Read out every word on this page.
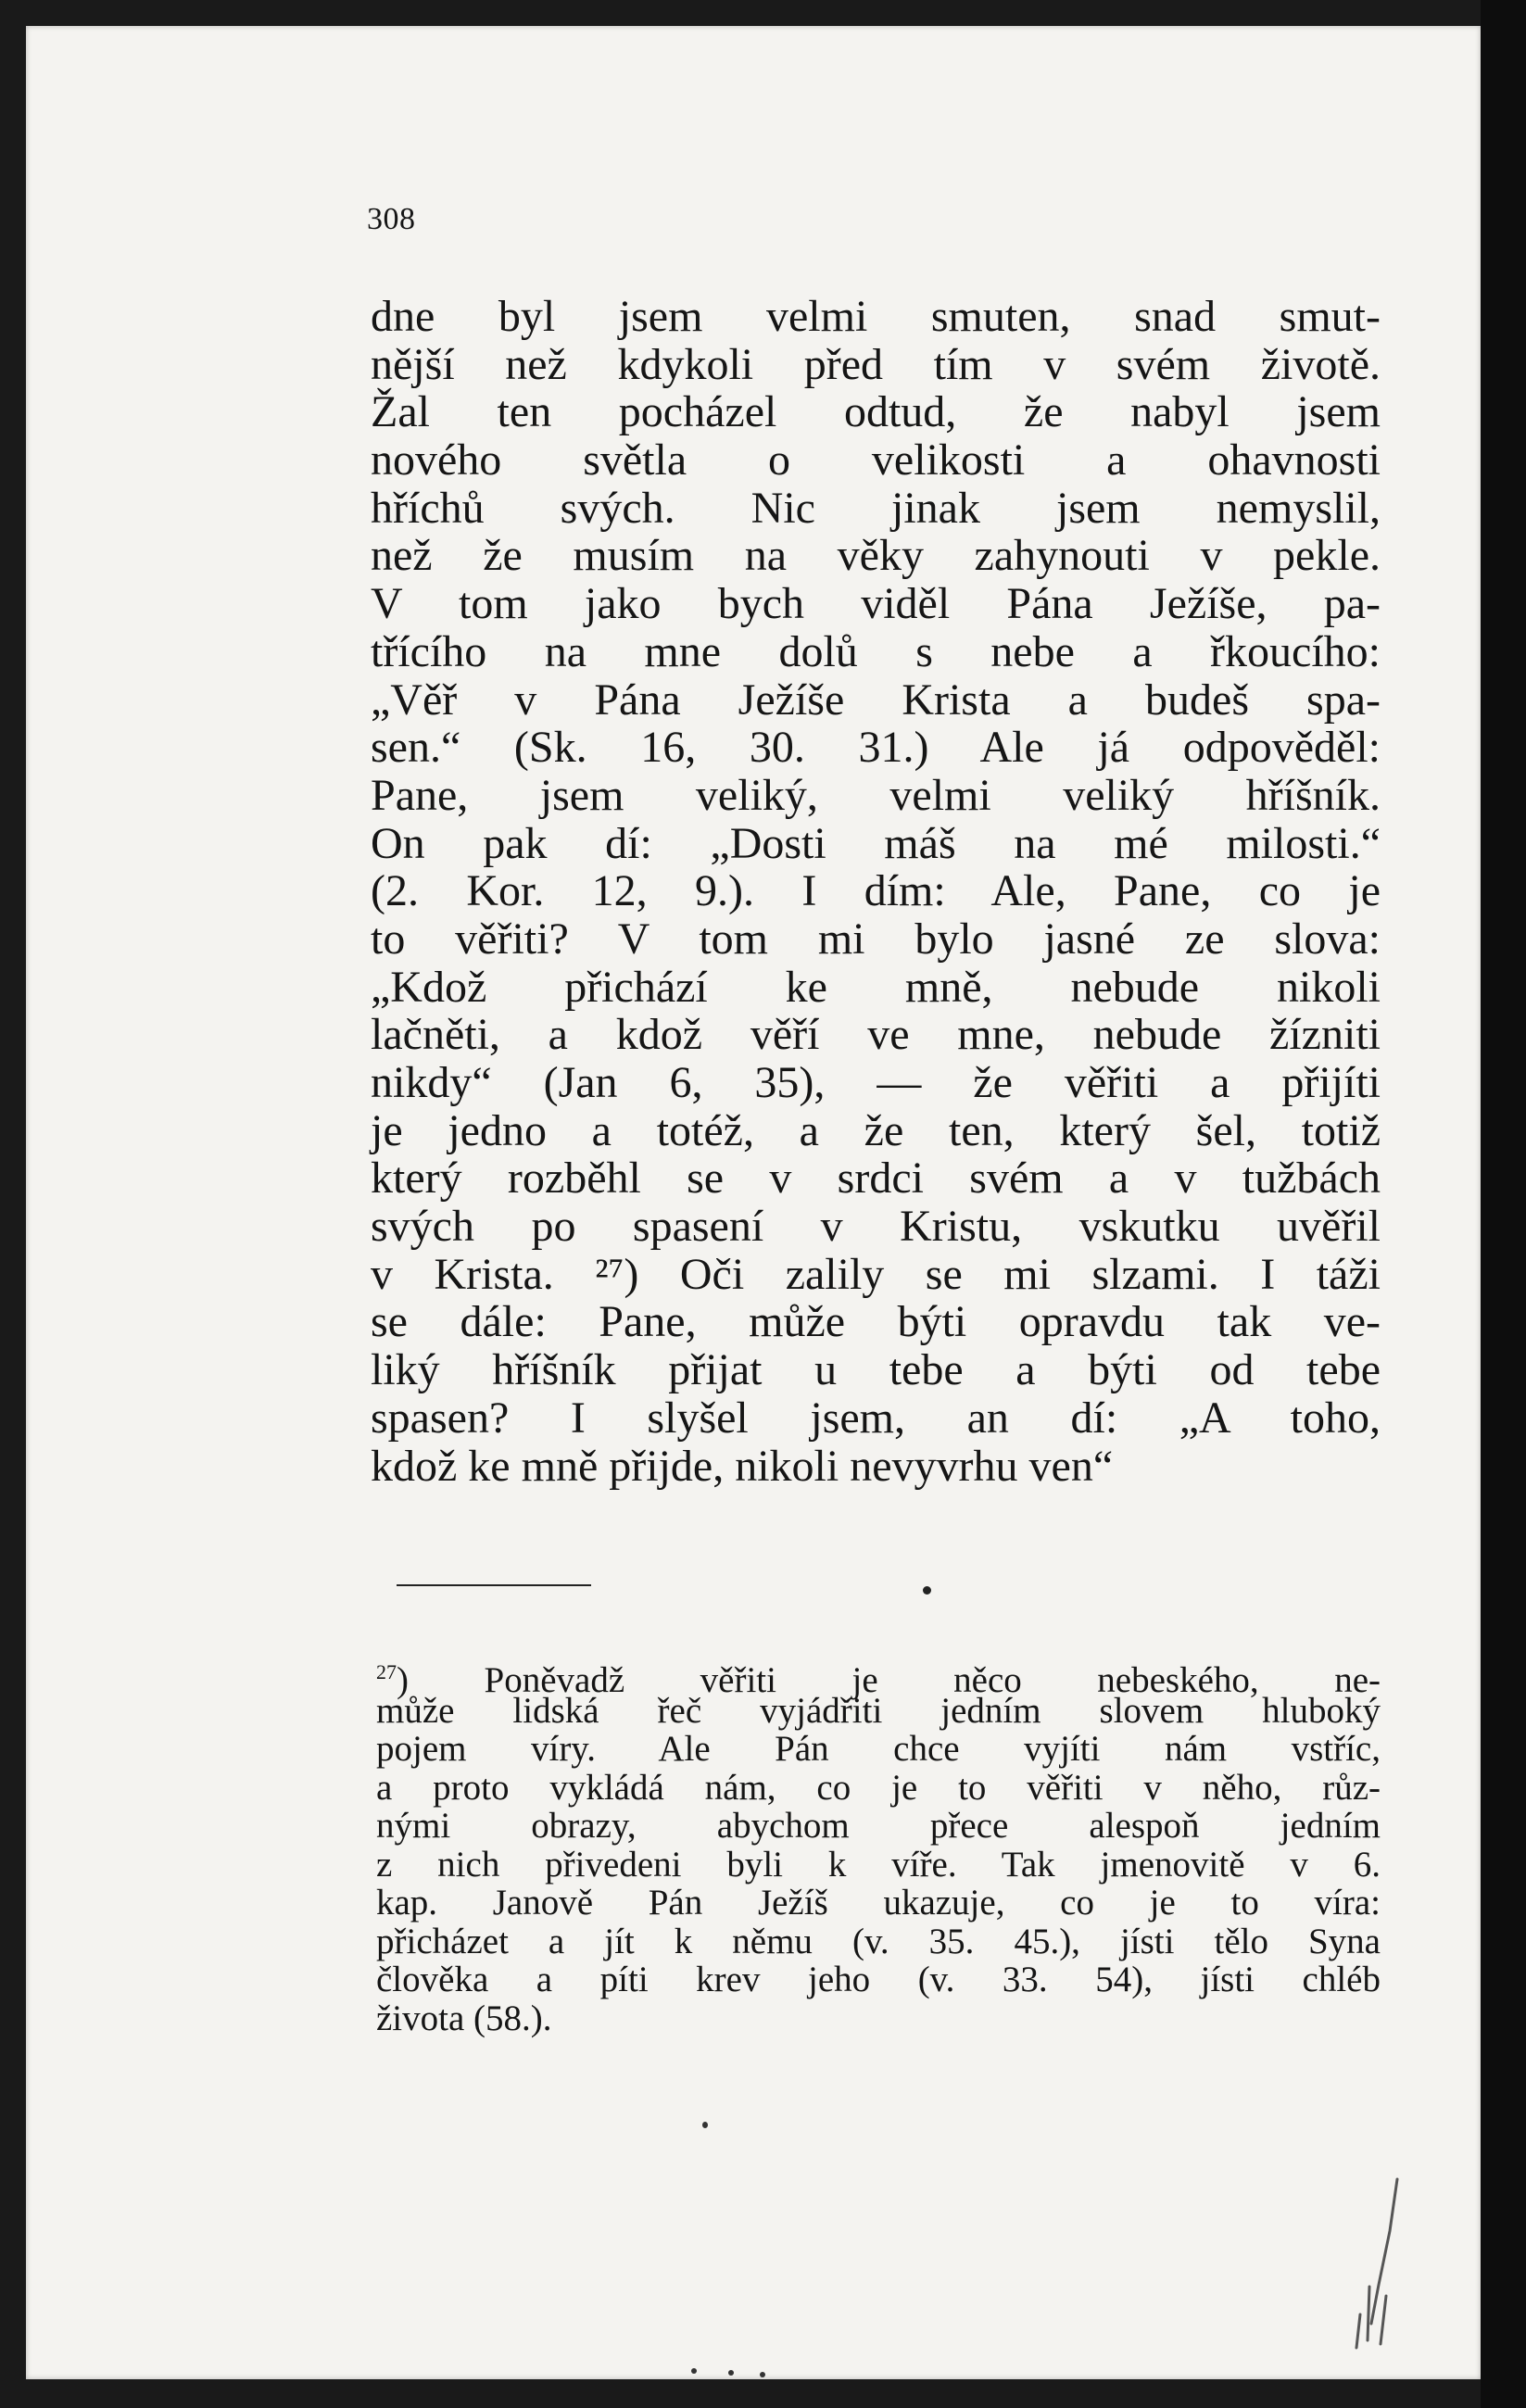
308
dne byl jsem velmi smuten, snad smut-
nější než kdykoli před tím v svém životě.
Žal ten pocházel odtud, že nabyl jsem
nového světla o velikosti a ohavnosti
hříchů svých. Nic jinak jsem nemyslil,
než že musím na věky zahynouti v pekle.
V tom jako bych viděl Pána Ježíše, pa-
třícího na mne dolů s nebe a řkoucího:
„Věř v Pána Ježíše Krista a budeš spa-
sen.“ (Sk. 16, 30. 31.) Ale já odpověděl:
Pane, jsem veliký, velmi veliký hříšník.
On pak dí: „Dosti máš na mé milosti.“
(2. Kor. 12, 9.). I dím: Ale, Pane, co je
to věřiti? V tom mi bylo jasné ze slova:
„Kdož přichází ke mně, nebude nikoli
lačněti, a kdož věří ve mne, nebude žízniti
nikdy“ (Jan 6, 35), — že věřiti a přijíti
je jedno a totéž, a že ten, který šel, totiž
který rozběhl se v srdci svém a v tužbách
svých po spasení v Kristu, vskutku uvěřil
v Krista. ²⁷) Oči zalily se mi slzami. I táži
se dále: Pane, může býti opravdu tak ve-
liký hříšník přijat u tebe a býti od tebe
spasen? I slyšel jsem, an dí: „A toho,
kdož ke mně přijde, nikoli nevyvrhu ven“
$^{27}$) Poněvadž věřiti je něco nebeského, ne-
může lidská řeč vyjádřiti jedním slovem hluboký
pojem víry. Ale Pán chce vyjíti nám vstříc,
a proto vykládá nám, co je to věřiti v něho, růz-
nými obrazy, abychom přece alespoň jedním
z nich přivedeni byli k víře. Tak jmenovitě v 6.
kap. Janově Pán Ježíš ukazuje, co je to víra:
přicházet a jít k němu (v. 35. 45.), jísti tělo Syna
člověka a píti krev jeho (v. 33. 54), jísti chléb
života (58.).
